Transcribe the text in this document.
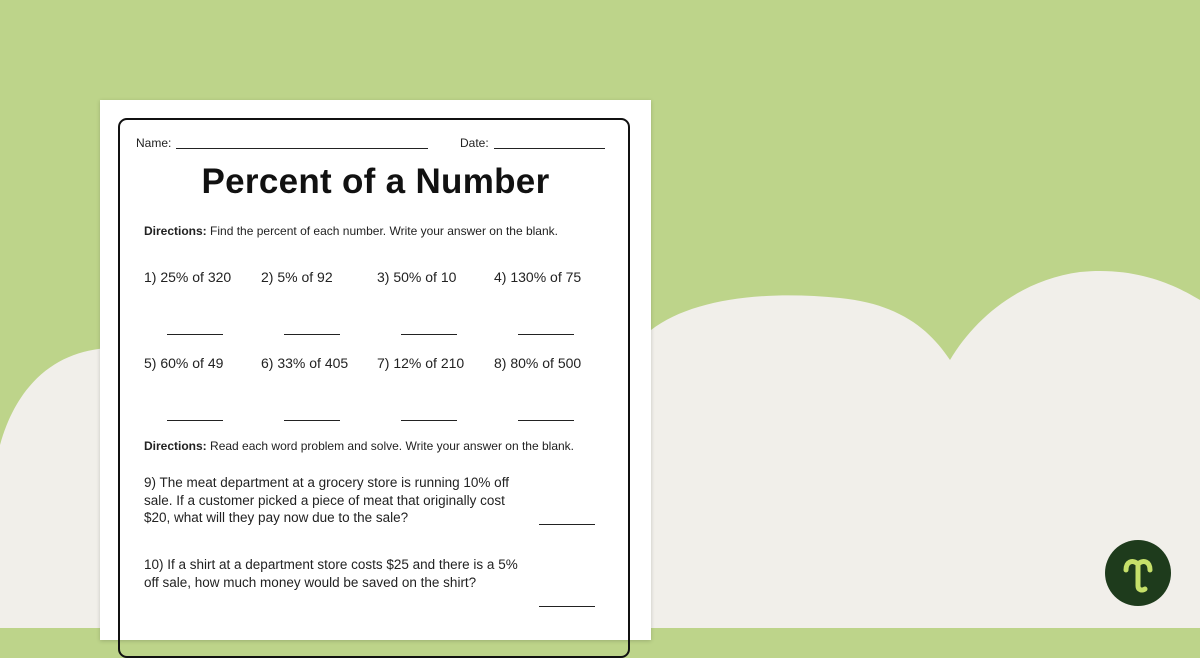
Name:	Date:
Percent of a Number
Directions: Find the percent of each number. Write your answer on the blank.
1) 25% of 320 2) 5% of 92	3) 50% of 10	4) 130% of 75
5) 60% of 49	6) 33% of 405 7) 12% of 210 8) 80% of 500
Directions: Read each word problem and solve. Write your answer on the blank.
9) The meat department at a grocery store is running 10% off sale. If a customer picked a piece of meat that originally cost $20, what will they pay now due to the sale?
10) If a shirt at a department store costs $25 and there is a 5% off sale, how much money would be saved on the shirt?
